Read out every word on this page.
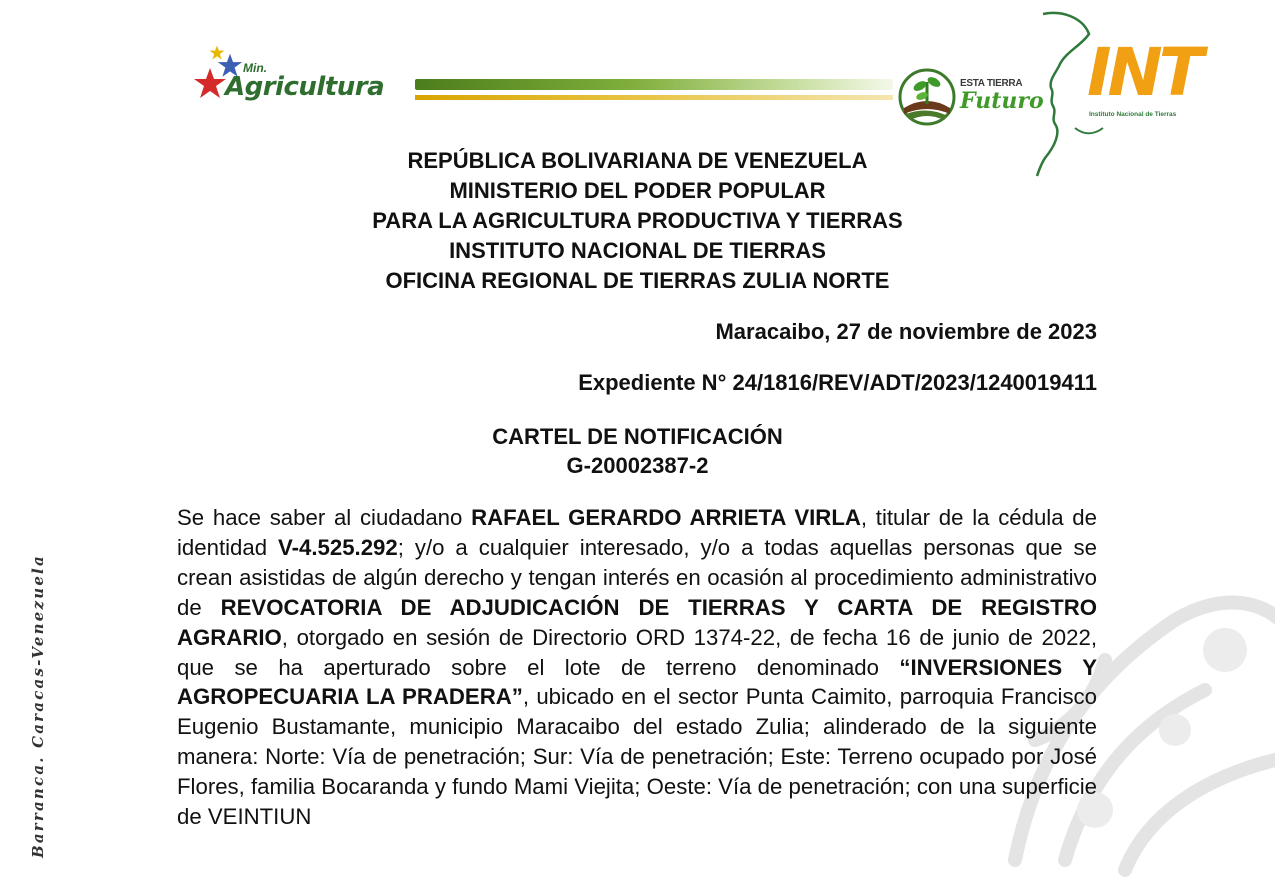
Barranca. Caracas-Venezuela
Min.
Agricultura	ESTA TIERRA
Futuro INT
Instituto Nacional de Tierras
REPÚBLICA BOLIVARIANA DE VENEZUELA
MINISTERIO DEL PODER POPULAR
PARA LA AGRICULTURA PRODUCTIVA Y TIERRAS
INSTITUTO NACIONAL DE TIERRAS
OFICINA REGIONAL DE TIERRAS ZULIA NORTE
Maracaibo, 27 de noviembre de 2023
Expediente N° 24/1816/REV/ADT/2023/1240019411
CARTEL DE NOTIFICACIÓN
G-20002387-2
Se hace saber al ciudadano RAFAEL GERARDO ARRIETA VIRLA, titular de la cédula de identidad V-4.525.292; y/o a cualquier interesado, y/o a todas aquellas personas que se crean asistidas de algún derecho y tengan interés en ocasión al procedimiento administrativo de REVOCATORIA DE ADJUDICACIÓN DE TIERRAS Y CARTA DE REGISTRO AGRARIO, otorgado en sesión de Directorio ORD 1374-22, de fecha 16 de junio de 2022, que se ha aperturado sobre el lote de terreno denominado “INVERSIONES Y AGROPECUARIA LA PRADERA”, ubicado en el sector Punta Caimito, parroquia Francisco Eugenio Bustamante, municipio Maracaibo del estado Zulia; alinderado de la siguiente manera: Norte: Vía de penetración; Sur: Vía de penetración; Este: Terreno ocupado por José Flores, familia Bocaranda y fundo Mami Viejita; Oeste: Vía de penetración; con una superficie de VEINTIUN
